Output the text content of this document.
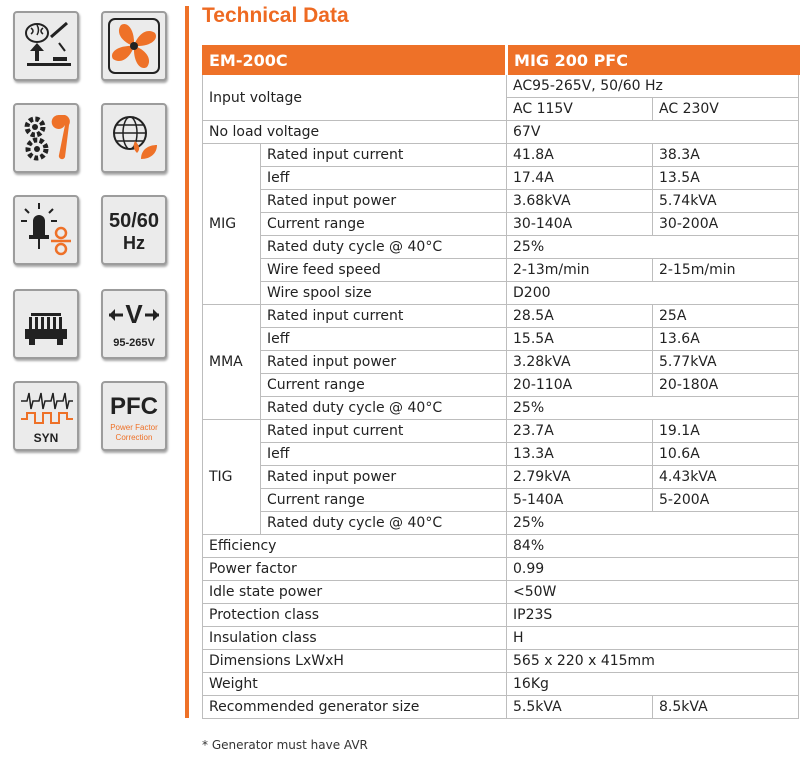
50/60
Hz
V
95-265V
SYN
PFC
Power Factor
Correction
Technical Data
EM-200C		MIG 200 PFC	
Input voltage		AC95-265V, 50/60 Hz	
		AC 115V	AC 230V
No load voltage		67V	
MIG	Rated input current	41.8A	38.3A
	Ieff	17.4A	13.5A
	Rated input power	3.68kVA	5.74kVA
	Current range	30-140A	30-200A
	Rated duty cycle @ 40°C	25%	
	Wire feed speed	2-13m/min	2-15m/min
	Wire spool size	D200	
MMA	Rated input current	28.5A	25A
	Ieff	15.5A	13.6A
	Rated input power	3.28kVA	5.77kVA
	Current range	20-110A	20-180A
	Rated duty cycle @ 40°C	25%	
TIG	Rated input current	23.7A	19.1A
	Ieff	13.3A	10.6A
	Rated input power	2.79kVA	4.43kVA
	Current range	5-140A	5-200A
	Rated duty cycle @ 40°C	25%	
Efficiency		84%	
Power factor		0.99	
Idle state power		<50W	
Protection class		IP23S	
Insulation class		H	
Dimensions LxWxH		565 x 220 x 415mm	
Weight		16Kg	
Recommended generator size		5.5kVA	8.5kVA
* Generator must have AVR
